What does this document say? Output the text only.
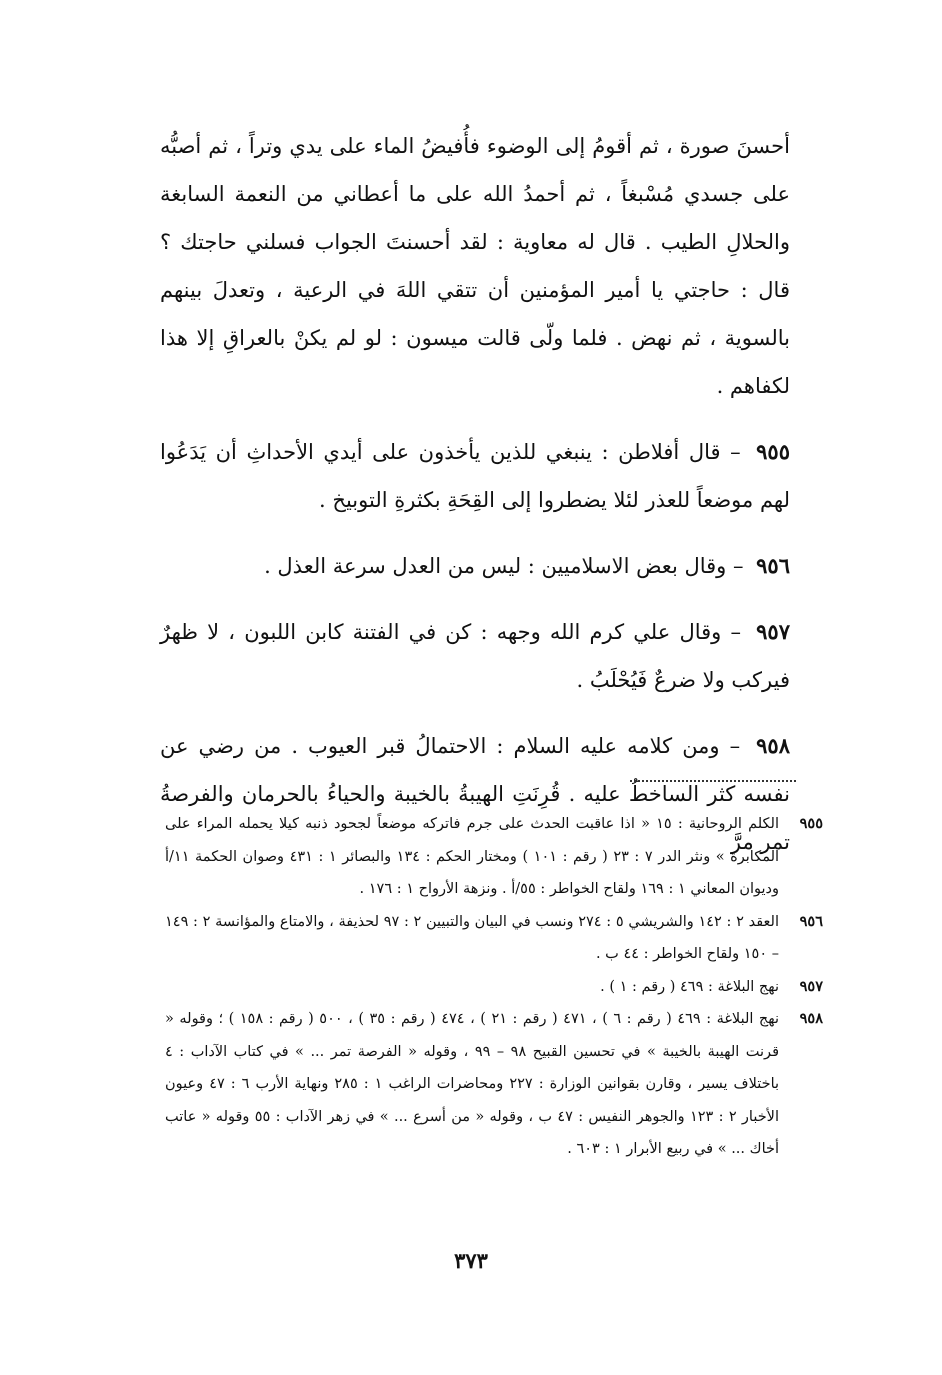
أحسنَ صورة ، ثم أقومُ إلى الوضوء فأُفيضُ الماء على يدي وتراً ، ثم أصبُّه على جسدي مُسْبغاً ، ثم أحمدُ الله على ما أعطاني من النعمة السابغة والحلالِ الطيب . قال له معاوية : لقد أحسنتَ الجواب فسلني حاجتك ؟ قال : حاجتي يا أمير المؤمنين أن تتقي اللهَ في الرعية ، وتعدلَ بينهم بالسوية ، ثم نهض . فلما ولّى قالت ميسون : لو لم يكنْ بالعراقِ إلا هذا لكفاهم .

٩٥٥ – قال أفلاطن : ينبغي للذين يأخذون على أيدي الأحداثِ أن يَدَعُوا لهم موضعاً للعذر لئلا يضطروا إلى القِحَةِ بكثرةِ التوبيخ .

٩٥٦ – وقال بعض الاسلاميين : ليس من العدل سرعة العذل .

٩٥٧ – وقال علي كرم الله وجهه : كن في الفتنة كابن اللبون ، لا ظهرٌ فيركب ولا ضرعٌ فَيُحْلَبُ .

٩٥٨ – ومن كلامه عليه السلام : الاحتمالُ قبر العيوب . من رضي عن نفسه كثر الساخطُ عليه . قُرِنَتِ الهيبةُ بالخيبة والحياءُ بالحرمان والفرصةُ تمر مرَّ

٩٥٥
الكلم الروحانية : ١٥ « اذا عاقبت الحدث على جرم فاتركه موضعاً لجحود ذنبه كيلا يحمله المراء على المكابرة » ونثر الدر ٧ : ٢٣ ( رقم : ١٠١ ) ومختار الحكم : ١٣٤ والبصائر ١ : ٤٣١ وصوان الحكمة ١١/أ وديوان المعاني ١ : ١٦٩ ولقاح الخواطر : ٥٥/أ . ونزهة الأرواح ١ : ١٧٦ .
٩٥٦
العقد ٢ : ١٤٢ والشريشي ٥ : ٢٧٤ ونسب في البيان والتبيين ٢ : ٩٧ لحذيفة ، والامتاع والمؤانسة ٢ : ١٤٩ – ١٥٠ ولقاح الخواطر : ٤٤ ب .
٩٥٧
نهج البلاغة : ٤٦٩ ( رقم : ١ ) .
٩٥٨
نهج البلاغة : ٤٦٩ ( رقم : ٦ ) ، ٤٧١ ( رقم : ٢١ ) ، ٤٧٤ ( رقم : ٣٥ ) ، ٥٠٠ ( رقم : ١٥٨ ) ؛ وقوله « قرنت الهيبة بالخيبة » في تحسين القبيح ٩٨ – ٩٩ ، وقوله « الفرصة تمر ... » في كتاب الآداب : ٤ باختلاف يسير ، وقارن بقوانين الوزارة : ٢٢٧ ومحاضرات الراغب ١ : ٢٨٥ ونهاية الأرب ٦ : ٤٧ وعيون الأخبار ٢ : ١٢٣ والجوهر النفيس : ٤٧ ب ، وقوله « من أسرع ... » في زهر الآداب : ٥٥ وقوله « عاتب أخاك ... » في ربيع الأبرار ١ : ٦٠٣ .
٣٧٣
